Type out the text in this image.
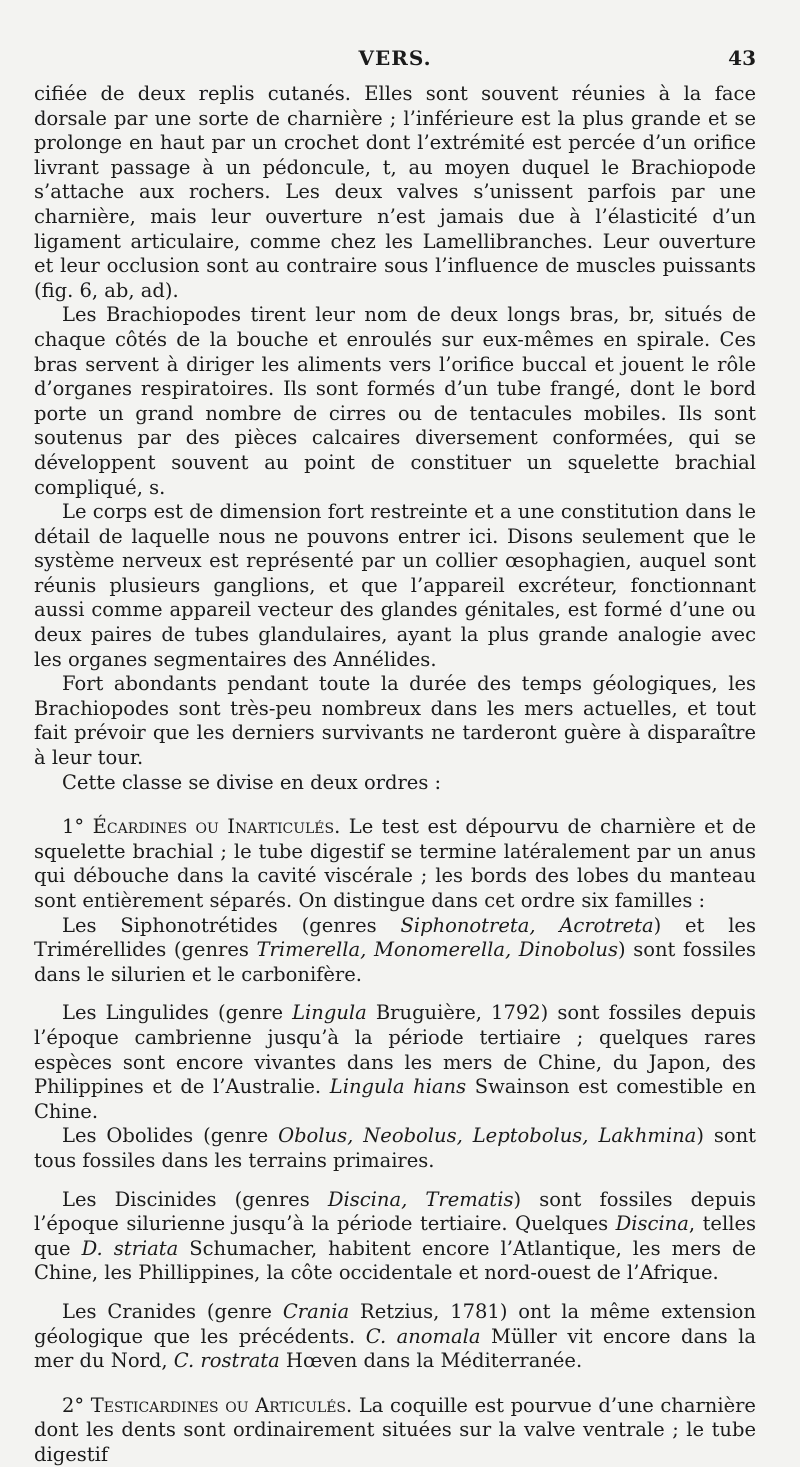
VERS.	43

cifiée de deux replis cutanés. Elles sont souvent réunies à la face dorsale par une sorte de charnière ; l’inférieure est la plus grande et se prolonge en haut par un crochet dont l’extrémité est percée d’un orifice livrant passage à un pédoncule, t, au moyen duquel le Brachiopode s’attache aux rochers. Les deux valves s’unissent parfois par une charnière, mais leur ouverture n’est jamais due à l’élasticité d’un ligament articulaire, comme chez les Lamellibranches. Leur ouverture et leur occlusion sont au contraire sous l’influence de muscles puissants (fig. 6, ab, ad).

Les Brachiopodes tirent leur nom de deux longs bras, br, situés de chaque côtés de la bouche et enroulés sur eux-mêmes en spirale. Ces bras servent à diriger les aliments vers l’orifice buccal et jouent le rôle d’organes respiratoires. Ils sont formés d’un tube frangé, dont le bord porte un grand nombre de cirres ou de tentacules mobiles. Ils sont soutenus par des pièces calcaires diversement conformées, qui se développent souvent au point de constituer un squelette brachial compliqué, s.

Le corps est de dimension fort restreinte et a une constitution dans le détail de laquelle nous ne pouvons entrer ici. Disons seulement que le système nerveux est représenté par un collier œsophagien, auquel sont réunis plusieurs ganglions, et que l’appareil excréteur, fonctionnant aussi comme appareil vecteur des glandes génitales, est formé d’une ou deux paires de tubes glandulaires, ayant la plus grande analogie avec les organes segmentaires des Annélides.

Fort abondants pendant toute la durée des temps géologiques, les Brachiopodes sont très-peu nombreux dans les mers actuelles, et tout fait prévoir que les derniers survivants ne tarderont guère à disparaître à leur tour.

Cette classe se divise en deux ordres :

1° Écardines ou Inarticulés. Le test est dépourvu de charnière et de squelette brachial ; le tube digestif se termine latéralement par un anus qui débouche dans la cavité viscérale ; les bords des lobes du manteau sont entièrement séparés. On distingue dans cet ordre six familles :

Les Siphonotrétides (genres Siphonotreta, Acrotreta) et les Trimérellides (genres Trimerella, Monomerella, Dinobolus) sont fossiles dans le silurien et le carbonifère.

Les Lingulides (genre Lingula Bruguière, 1792) sont fossiles depuis l’époque cambrienne jusqu’à la période tertiaire ; quelques rares espèces sont encore vivantes dans les mers de Chine, du Japon, des Philippines et de l’Australie. Lingula hians Swainson est comestible en Chine.

Les Obolides (genre Obolus, Neobolus, Leptobolus, Lakhmina) sont tous fossiles dans les terrains primaires.

Les Discinides (genres Discina, Trematis) sont fossiles depuis l’époque silurienne jusqu’à la période tertiaire. Quelques Discina, telles que D. striata Schumacher, habitent encore l’Atlantique, les mers de Chine, les Phillippines, la côte occidentale et nord-ouest de l’Afrique.

Les Cranides (genre Crania Retzius, 1781) ont la même extension géologique que les précédents. C. anomala Müller vit encore dans la mer du Nord, C. rostrata Hœven dans la Méditerranée.

2° Testicardines ou Articulés. La coquille est pourvue d’une charnière dont les dents sont ordinairement situées sur la valve ventrale ; le tube digestif
